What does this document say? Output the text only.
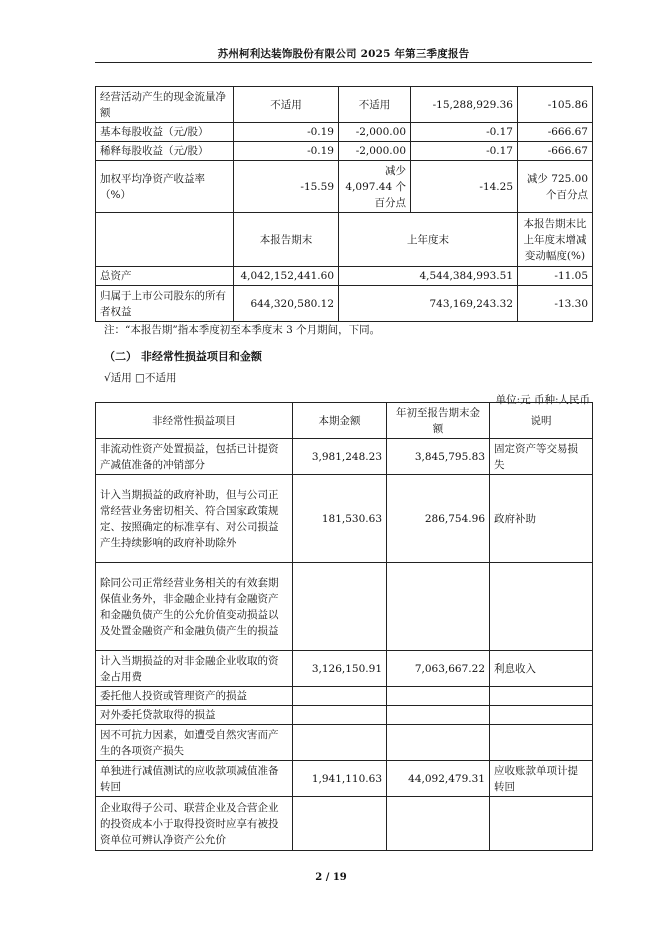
苏州柯利达装饰股份有限公司 2025 年第三季度报告
经营活动产生的现金流量净额	不适用	不适用	-15,288,929.36	-105.86
基本每股收益（元/股）	-0.19	-2,000.00	-0.17	-666.67
稀释每股收益（元/股）	-0.19	-2,000.00	-0.17	-666.67
加权平均净资产收益率（%）	-15.59	减少 4,097.44 个百分点	-14.25	减少 725.00 个百分点
	本报告期末	上年度末		本报告期末比上年度末增减变动幅度(%)
总资产	4,042,152,441.60	4,544,384,993.51		-11.05
归属于上市公司股东的所有者权益	644,320,580.12	743,169,243.32		-13.30
注：“本报告期”指本季度初至本季度末 3 个月期间，下同。
（二） 非经常性损益项目和金额
√适用 □不适用
单位:元 币种:人民币
非经常性损益项目	本期金额	年初至报告期末金额	说明
非流动性资产处置损益，包括已计提资产减值准备的冲销部分	3,981,248.23	3,845,795.83	固定资产等交易损失
计入当期损益的政府补助，但与公司正常经营业务密切相关、符合国家政策规定、按照确定的标准享有、对公司损益产生持续影响的政府补助除外	181,530.63	286,754.96	政府补助
除同公司正常经营业务相关的有效套期保值业务外，非金融企业持有金融资产和金融负债产生的公允价值变动损益以及处置金融资产和金融负债产生的损益			
计入当期损益的对非金融企业收取的资金占用费	3,126,150.91	7,063,667.22	利息收入
委托他人投资或管理资产的损益			
对外委托贷款取得的损益			
因不可抗力因素，如遭受自然灾害而产生的各项资产损失			
单独进行减值测试的应收款项减值准备转回	1,941,110.63	44,092,479.31	应收账款单项计提转回
企业取得子公司、联营企业及合营企业的投资成本小于取得投资时应享有被投资单位可辨认净资产公允价			
2 / 19
